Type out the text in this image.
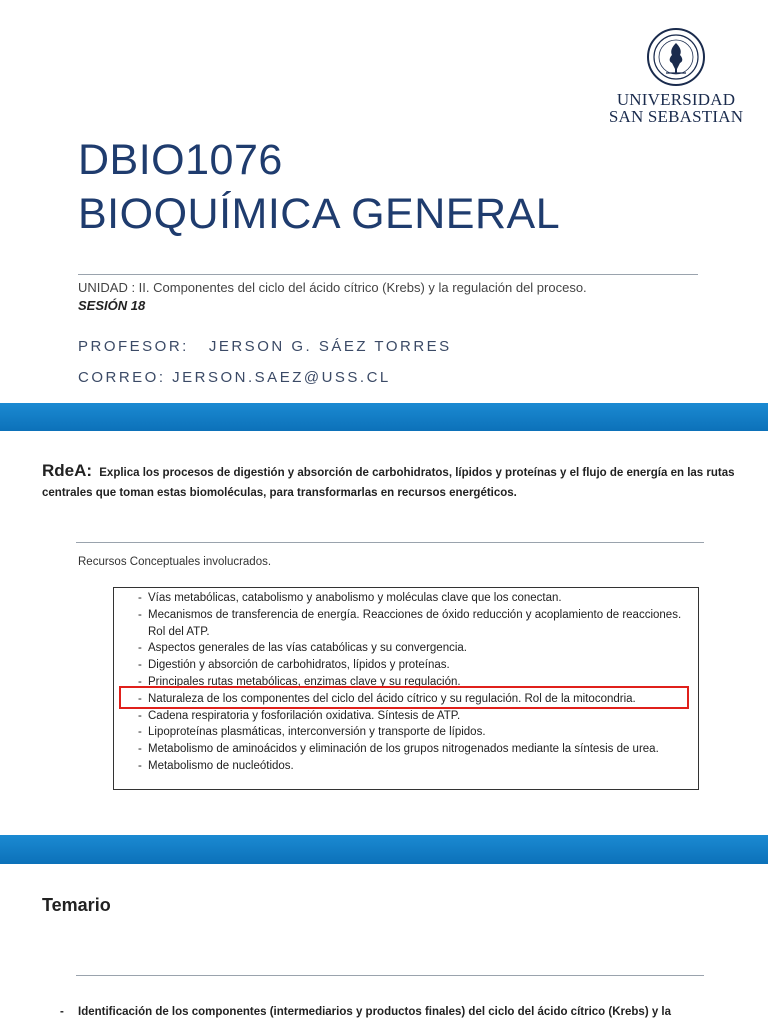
UNIVERSIDAD
SAN SEBASTIAN
DBIO1076
BIOQUÍMICA GENERAL
UNIDAD : II. Componentes del ciclo del ácido cítrico (Krebs) y la regulación del proceso.
SESIÓN 18
PROFESOR:   JERSON G. SÁEZ TORRES
CORREO: JERSON.SAEZ@USS.CL
RdeA: Explica los procesos de digestión y absorción de carbohidratos, lípidos y proteínas y el flujo de energía en las rutas centrales que toman estas biomoléculas, para transformarlas en recursos energéticos.
Recursos Conceptuales involucrados.
- Vías metabólicas, catabolismo y anabolismo y moléculas clave que los conectan.
- Mecanismos de transferencia de energía. Reacciones de óxido reducción y acoplamiento de reacciones. Rol del ATP.
- Aspectos generales de las vías catabólicas y su convergencia.
- Digestión y absorción de carbohidratos, lípidos y proteínas.
- Principales rutas metabólicas, enzimas clave y su regulación.
- Naturaleza de los componentes del ciclo del ácido cítrico y su regulación. Rol de la mitocondria.
- Cadena respiratoria y fosforilación oxidativa. Síntesis de ATP.
- Lipoproteínas plasmáticas, interconversión y transporte de lípidos.
- Metabolismo de aminoácidos y eliminación de los grupos nitrogenados mediante la síntesis de urea.
- Metabolismo de nucleótidos.
Temario
- Identificación de los componentes (intermediarios y productos finales) del ciclo del ácido cítrico (Krebs) y la
